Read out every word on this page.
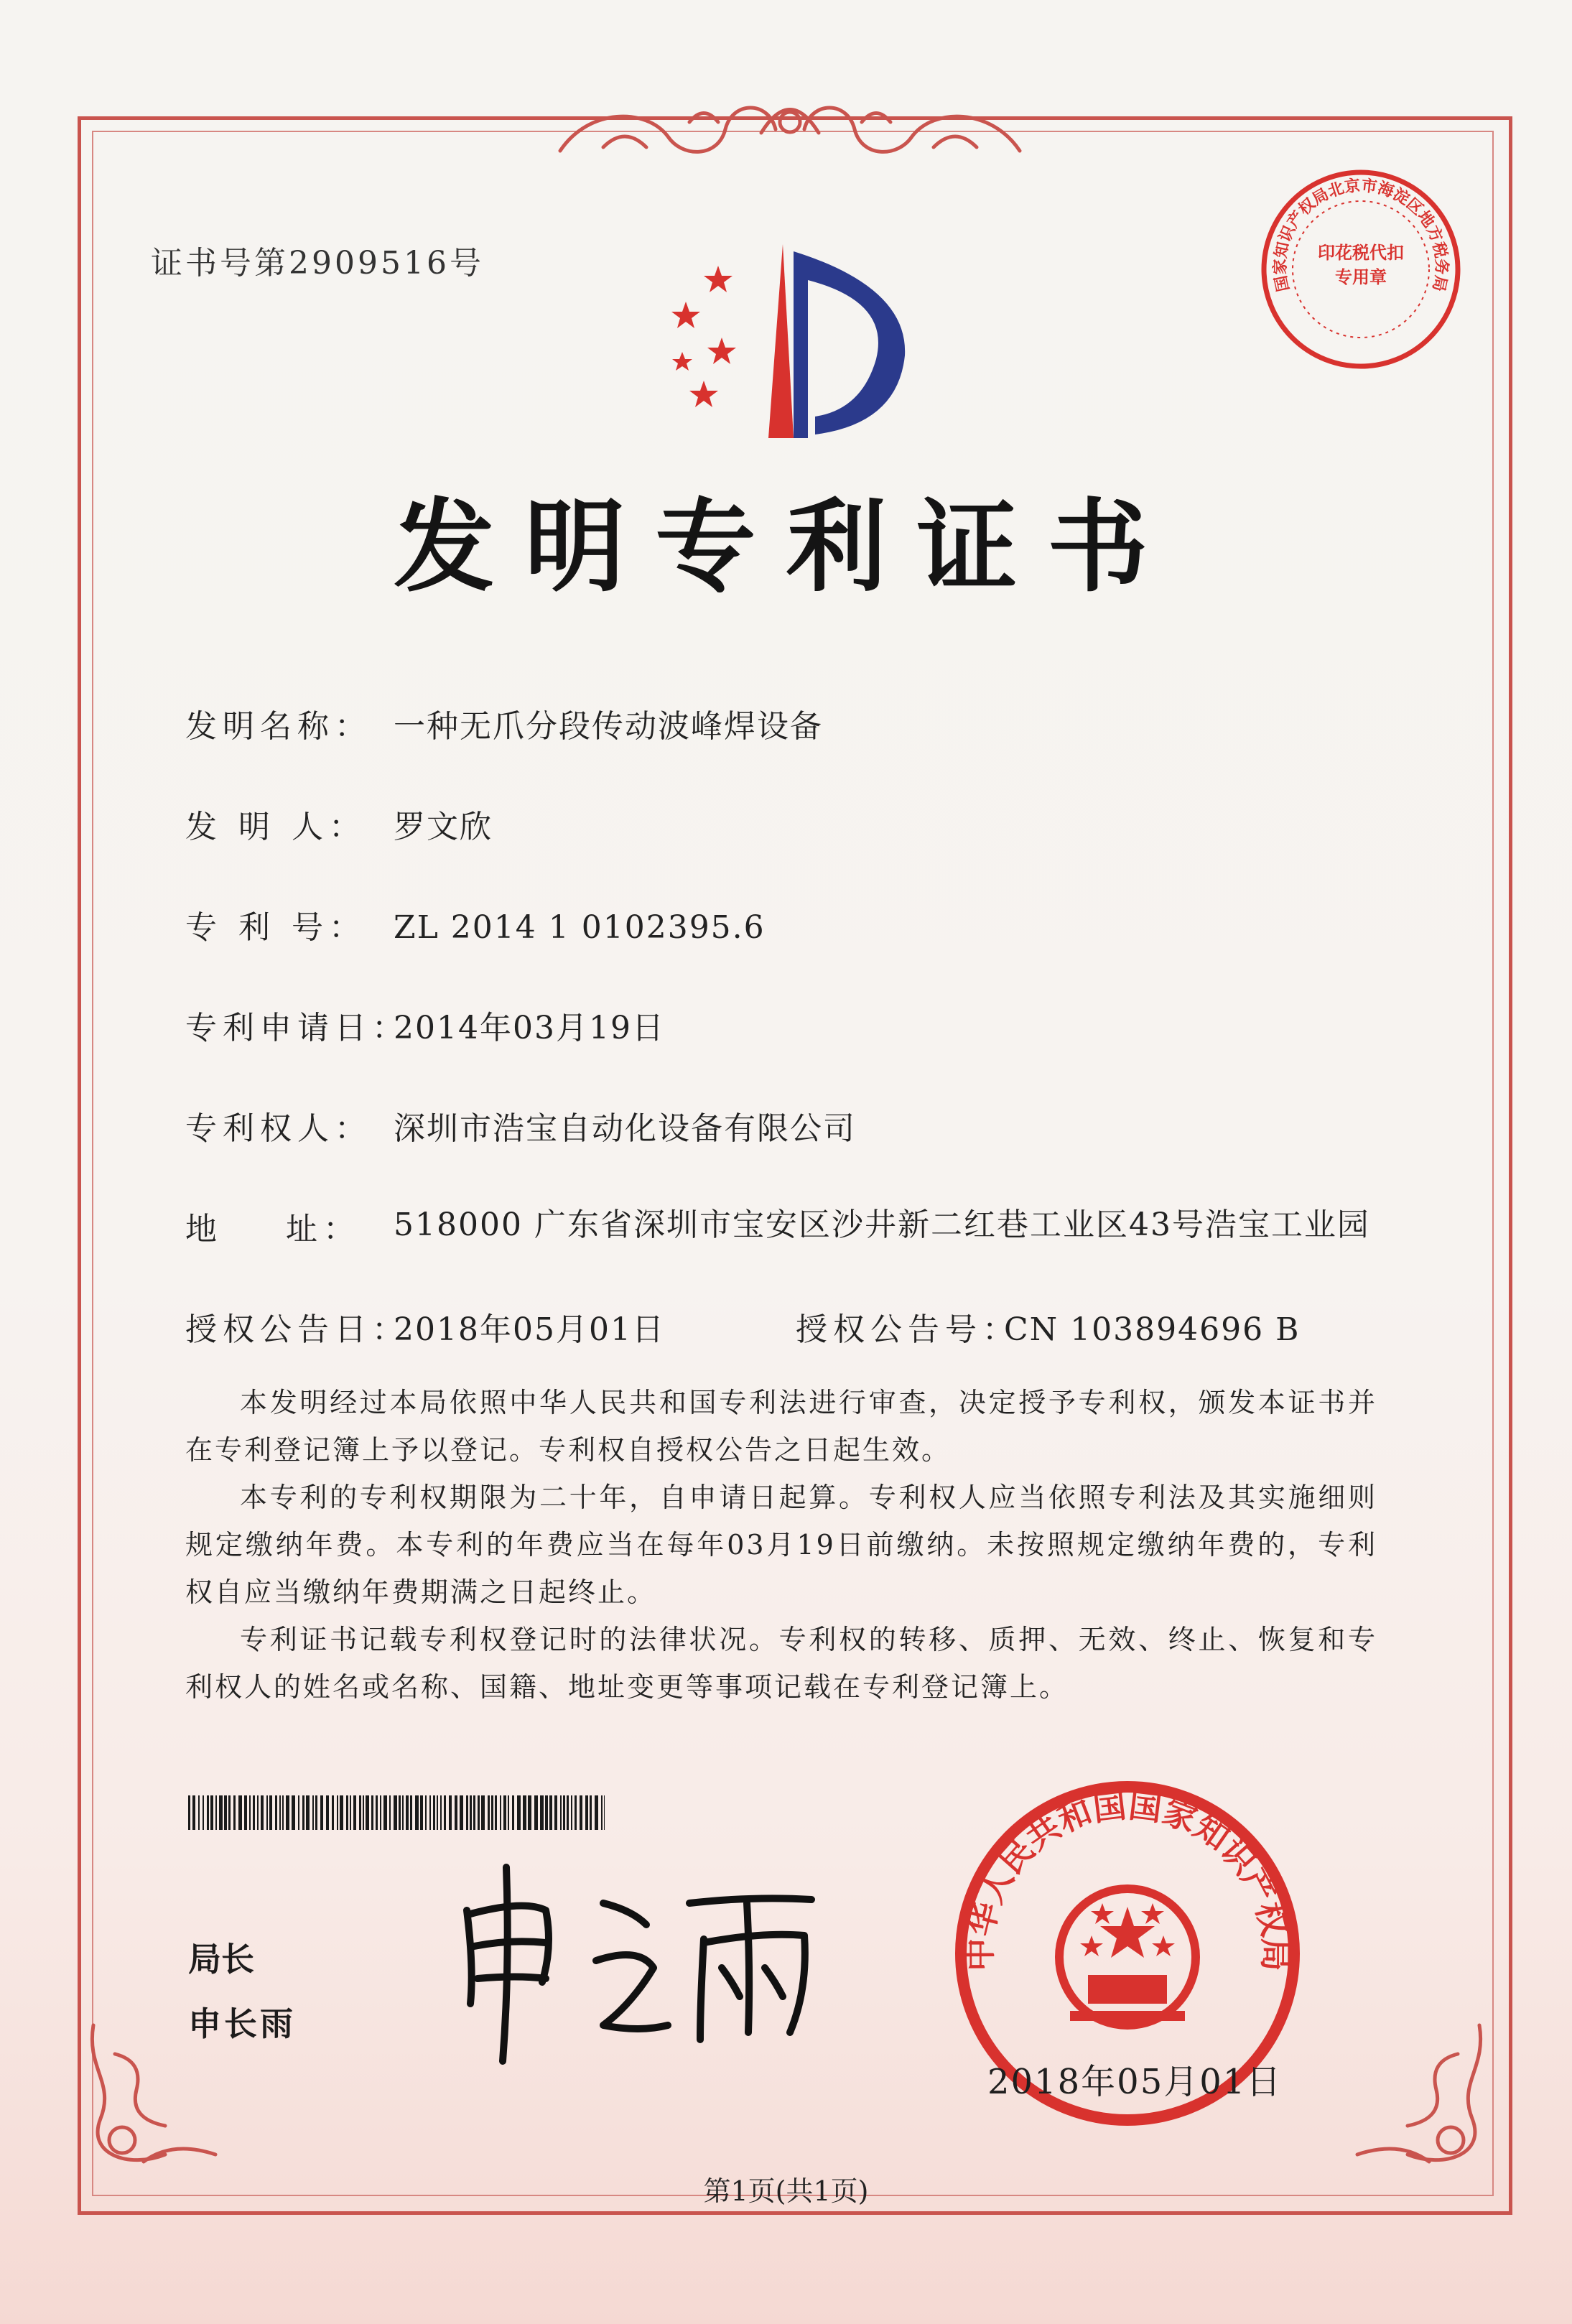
证书号第2909516号
国家知识产权局北京市海淀区地方税务局
印花税代扣专用章
发明专利证书
发明名称： 一种无爪分段传动波峰焊设备
发 明 人： 罗文欣
专 利 号： ZL 2014 1 0102395.6
专利申请日：2014年03月19日
专利权人： 深圳市浩宝自动化设备有限公司
地    址： 518000 广东省深圳市宝安区沙井新二红巷工业区43号浩宝工业园
授权公告日：2018年05月01日	授权公告号：CN 103894696 B
本发明经过本局依照中华人民共和国专利法进行审查，决定授予专利权，颁发本证书并在专利登记簿上予以登记。专利权自授权公告之日起生效。
本专利的专利权期限为二十年，自申请日起算。专利权人应当依照专利法及其实施细则规定缴纳年费。本专利的年费应当在每年03月19日前缴纳。未按照规定缴纳年费的，专利权自应当缴纳年费期满之日起终止。
专利证书记载专利权登记时的法律状况。专利权的转移、质押、无效、终止、恢复和专利权人的姓名或名称、国籍、地址变更等事项记载在专利登记簿上。
局长
申长雨
中华人民共和国国家知识产权局
2018年05月01日
第1页(共1页)
